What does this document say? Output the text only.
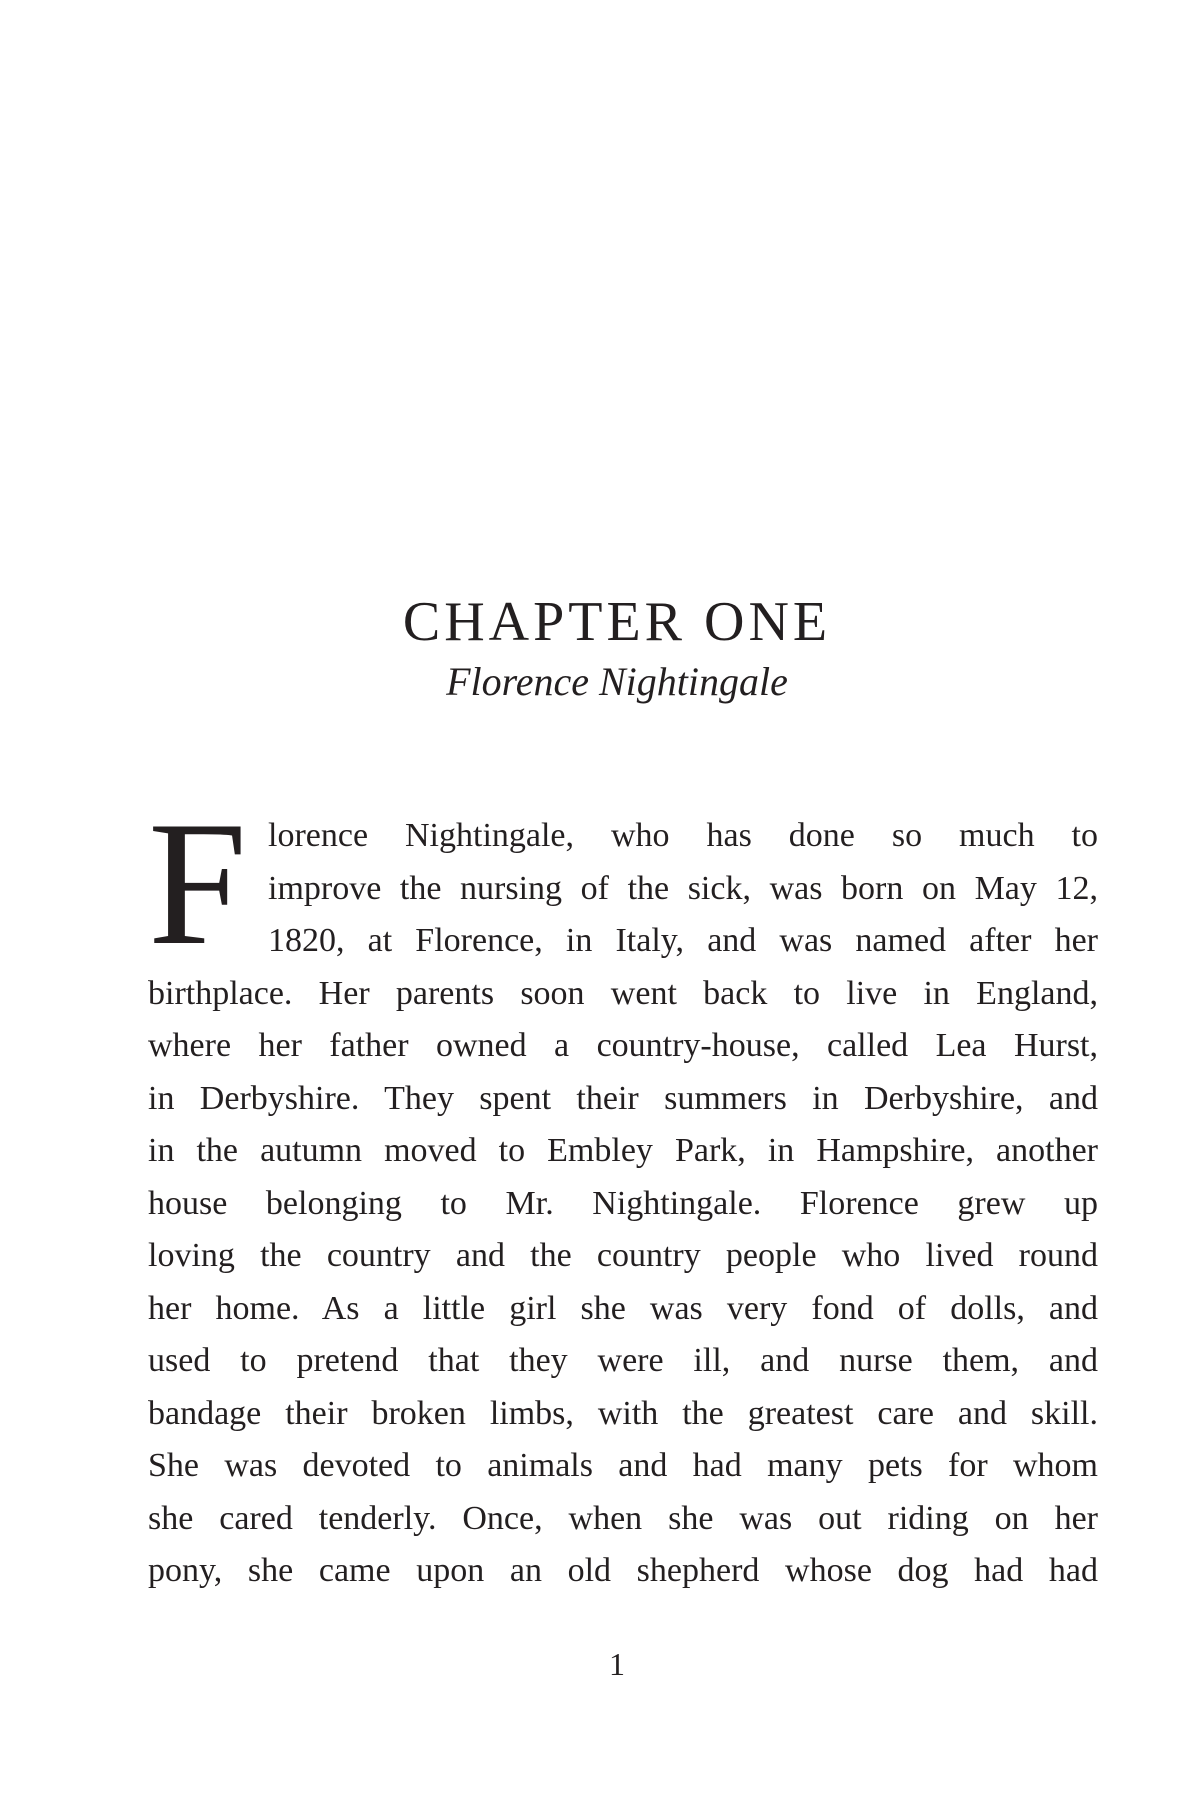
CHAPTER ONE
Florence Nightingale
F lorence Nightingale, who has done so much to
improve the nursing of the sick, was born on May 12,
1820, at Florence, in Italy, and was named after her
birthplace. Her parents soon went back to live in England,
where her father owned a country-house, called Lea Hurst,
in Derbyshire. They spent their summers in Derbyshire, and
in the autumn moved to Embley Park, in Hampshire, another
house belonging to Mr. Nightingale. Florence grew up
loving the country and the country people who lived round
her home. As a little girl she was very fond of dolls, and
used to pretend that they were ill, and nurse them, and
bandage their broken limbs, with the greatest care and skill.
She was devoted to animals and had many pets for whom
she cared tenderly. Once, when she was out riding on her
pony, she came upon an old shepherd whose dog had had
1
